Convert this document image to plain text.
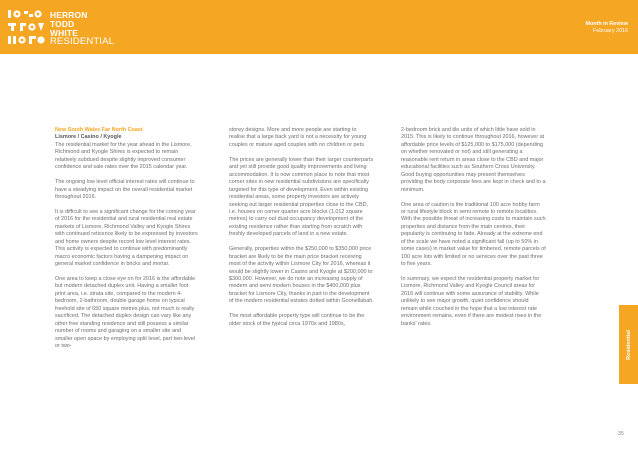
HERRON
TODD
WHITE
RESIDENTIAL
Month in Review
February 2016
New South Wales Far North Coast
Lismore / Casino / Kyogle

The residential market for the year ahead in the Lismore, Richmond and Kyogle Shires is expected to remain relatively subdued despite slightly improved consumer confidence and sale rates over the 2015 calendar year.

The ongoing low level official interest rates will continue to have a steadying impact on the overall residential market throughout 2016.

It is difficult to see a significant change for the coming year of 2016 for the residential and rural residential real estate markets of Lismore, Richmond Valley and Kyogle Shires with continued reticence likely to be expressed by investors and home owners despite record low level interest rates. This activity is expected to continue with predominantly macro economic factors having a dampening impact on general market confidence in bricks and mortar.

One area to keep a close eye on for 2016 is the affordable but modern detached duplex unit. Having a smaller foot print area, i.e. strata site, compared to the modern 4-bedroom, 2-bathroom, double garage home on typical freehold site of 650 square metres plus, not much is really sacrificed. The detached duplex design can vary like any other free standing residence and still possess a similar number of rooms and garaging on a smaller site and smaller open space by employing split level, part two-level or two-

storey designs. More and more people are starting to realise that a large back yard is not a necessity for young couples or mature aged couples with no children or pets.

The prices are generally lower than their larger counterparts and yet still provide good quality improvements and living accommodation. It is now common place to note that most corner sites in new residential subdivisions are specifically targeted for this type of development. Even within existing residential areas, some property investors are actively seeking out larger residential properties close to the CBD, i.e. houses on corner quarter acre blocks (1,012 square metres) to carry out dual occupancy development of the existing residence rather than starting from scratch with freshly developed parcels of land in a new estate.

Generally, properties within the $250,000 to $350,000 price bracket are likely to be the main price bracket receiving most of the activity within Lismore City for 2016, whereas it would be slightly lower in Casino and Kyogle at $200,000 to $300,000. However, we do note an increasing supply of modern and semi modern houses in the $400,000 plus bracket for Lismore City, thanks in part to the development of the modern residential estates dotted within Goonellabah.

The most affordable property type will continue to be the older stock of the typical circa 1970s and 1980s,

2-bedroom brick and tile units of which little have sold in 2015. This is likely to continue throughout 2016, however at affordable price levels of $125,000 to $175,000 (depending on whether renovated or not) and still generating a reasonable rent return in areas close to the CBD and major educational facilities such as Southern Cross University. Good buying opportunities may present themselves providing the body corporate fees are kept in check and to a minimum.

One area of caution is the traditional 100 acre hobby farm or rural lifestyle block in semi remote to remote localities. With the possible threat of increasing costs to maintain such properties and distance from the main centres, their popularity is continuing to fade. Already at the extreme end of the scale we have noted a significant fall (up to 50% in some cases) in market value for timbered, remote parcels of 100 acre lots with limited or no services over the past three to five years.

In summary, we expect the residential property market for Lismore, Richmond Valley and Kyogle Council areas for 2016 will continue with some assurance of stability. While unlikely to see major growth, quiet confidence should remain while couched in the hope that a low interest rate environment remains, even if there are modest rises in the banks' rates.

Residential
35
